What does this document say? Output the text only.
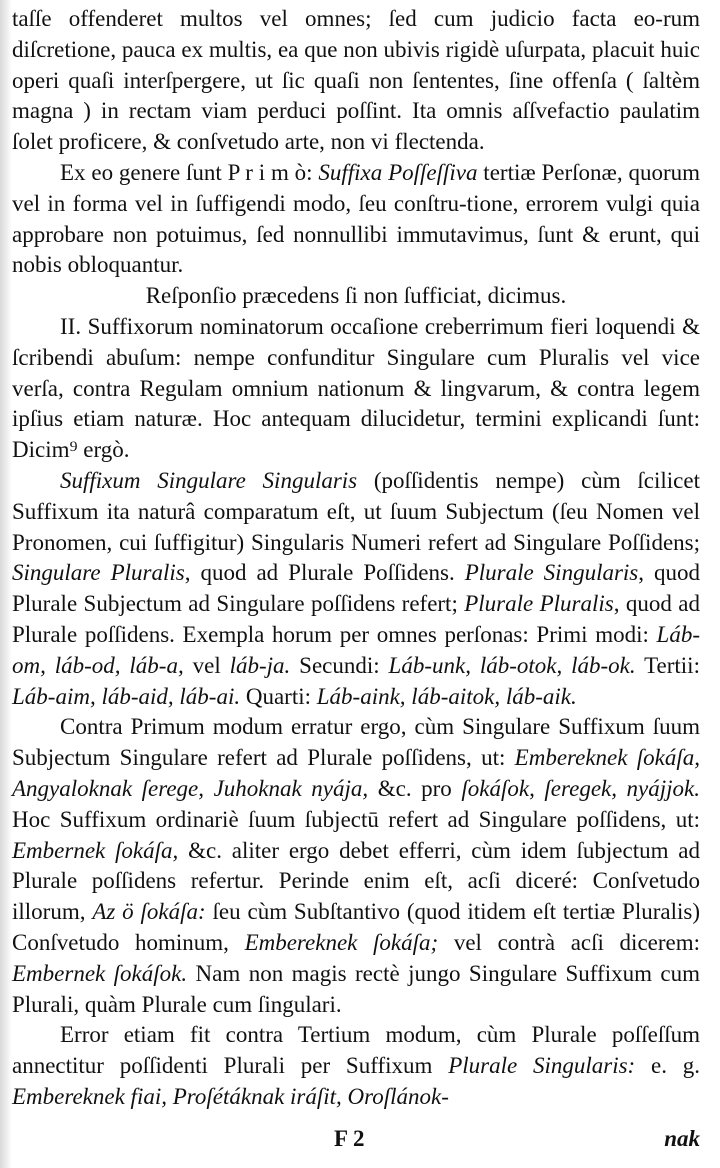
taſſe offenderet multos vel omnes; ſed cum judicio facta eo-rum diſcretione, pauca ex multis, ea que non ubivis rigidè uſurpata, placuit huic operi quaſi interſpergere, ut ſic quaſi non ſententes, ſine offenſa ( ſaltèm magna ) in rectam viam perduci poſſint. Ita omnis aſſvefactio paulatim ſolet proficere, & conſvetudo arte, non vi flectenda.

Ex eo genere ſunt P r i m ò: Suffixa Poſſeſſiva tertiæ Perſonæ, quorum vel in forma vel in ſuffigendi modo, ſeu conſtru-tione, errorem vulgi quia approbare non potuimus, ſed nonnullibi immutavimus, ſunt & erunt, qui nobis obloquantur.

Reſponſio præcedens ſi non ſufficiat, dicimus.

II. Suffixorum nominatorum occaſione creberrimum fieri loquendi & ſcribendi abuſum: nempe confunditur Singulare cum Pluralis vel vice verſa, contra Regulam omnium nationum & lingvarum, & contra legem ipſius etiam naturæ. Hoc antequam dilucidetur, termini explicandi ſunt: Dicim⁹ ergò.

Suffixum Singulare Singularis (poſſidentis nempe) cùm ſcilicet Suffixum ita naturâ comparatum eſt, ut ſuum Subjectum (ſeu Nomen vel Pronomen, cui ſuffigitur) Singularis Numeri refert ad Singulare Poſſidens; Singulare Pluralis, quod ad Plurale Poſſidens. Plurale Singularis, quod Plurale Subjectum ad Singulare poſſidens refert; Plurale Pluralis, quod ad Plurale poſſidens. Exempla horum per omnes perſonas: Primi modi: Láb-om, láb-od, láb-a, vel láb-ja. Secundi: Láb-unk, láb-otok, láb-ok. Tertii: Láb-aim, láb-aid, láb-ai. Quarti: Láb-aink, láb-aitok, láb-aik.

Contra Primum modum erratur ergo, cùm Singulare Suffixum ſuum Subjectum Singulare refert ad Plurale poſſidens, ut: Embereknek ſokáſa, Angyaloknak ſerege, Juhoknak nyája, &c. pro ſokáſok, ſeregek, nyájjok. Hoc Suffixum ordinariè ſuum ſubjectū refert ad Singulare poſſidens, ut: Embernek ſokáſa, &c. aliter ergo debet efferri, cùm idem ſubjectum ad Plurale poſſidens refertur. Perinde enim eſt, acſi diceré: Conſvetudo illorum, Az ö ſokáſa: ſeu cùm Subſtantivo (quod itidem eſt tertiæ Pluralis) Conſvetudo hominum, Embereknek ſokáſa; vel contrà acſi dicerem: Embernek ſokáſok. Nam non magis rectè jungo Singulare Suffixum cum Plurali, quàm Plurale cum ſingulari.

Error etiam fit contra Tertium modum, cùm Plurale poſſeſſum annectitur poſſidenti Plurali per Suffixum Plurale Singularis: e. g. Embereknek fiai, Proſétáknak iráſit, Oroſlánok-

F 2	nak
